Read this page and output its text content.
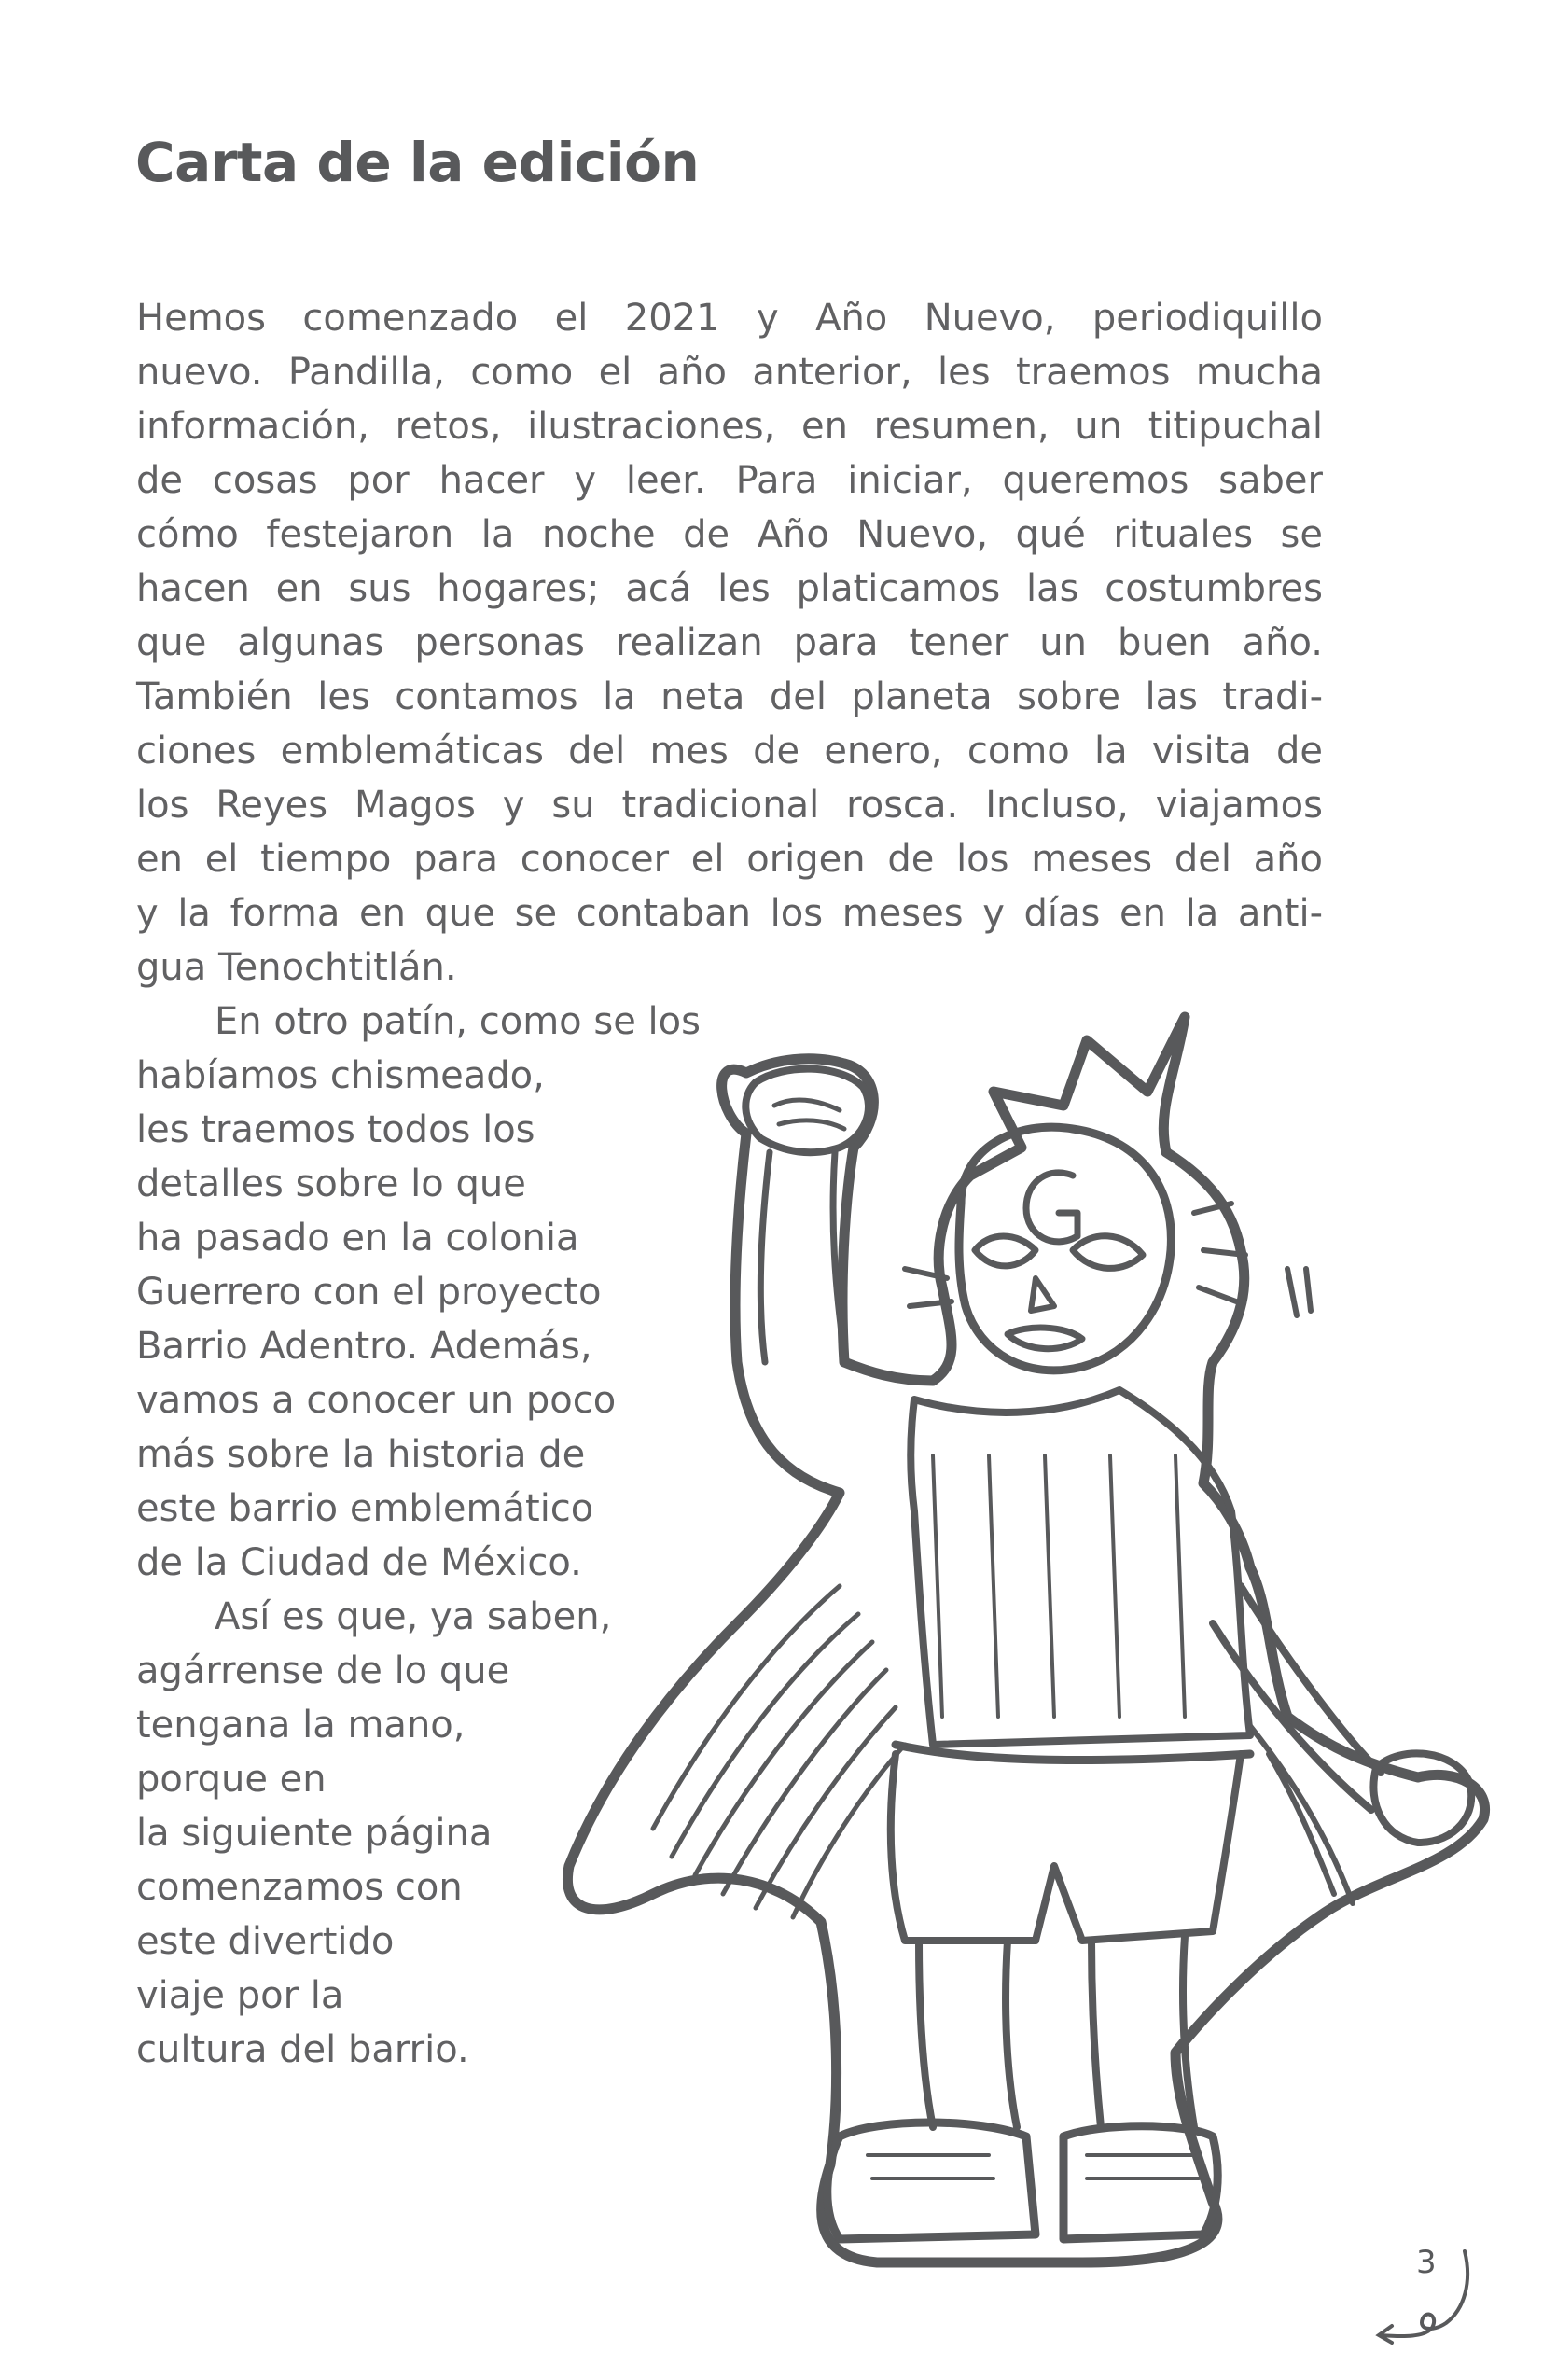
Carta de la edición

Hemos comenzado el 2021 y Año Nuevo, periodiquillo
nuevo. Pandilla, como el año anterior, les traemos mucha
información, retos, ilustraciones, en resumen, un titipuchal
de cosas por hacer y leer. Para iniciar, queremos saber
cómo festejaron la noche de Año Nuevo, qué rituales se
hacen en sus hogares; acá les platicamos las costumbres
que algunas personas realizan para tener un buen año.
También les contamos la neta del planeta sobre las tradi-
ciones emblemáticas del mes de enero, como la visita de
los Reyes Magos y su tradicional rosca. Incluso, viajamos
en el tiempo para conocer el origen de los meses del año
y la forma en que se contaban los meses y días en la anti-
gua Tenochtitlán.

En otro patín, como se los
habíamos chismeado,
les traemos todos los
detalles sobre lo que
ha pasado en la colonia
Guerrero con el proyecto
Barrio Adentro. Además,
vamos a conocer un poco
más sobre la historia de
este barrio emblemático
de la Ciudad de México.
Así es que, ya saben,
agárrense de lo que
tengana la mano,
porque en
la siguiente página
comenzamos con
este divertido
viaje por la
cultura del barrio.

3
